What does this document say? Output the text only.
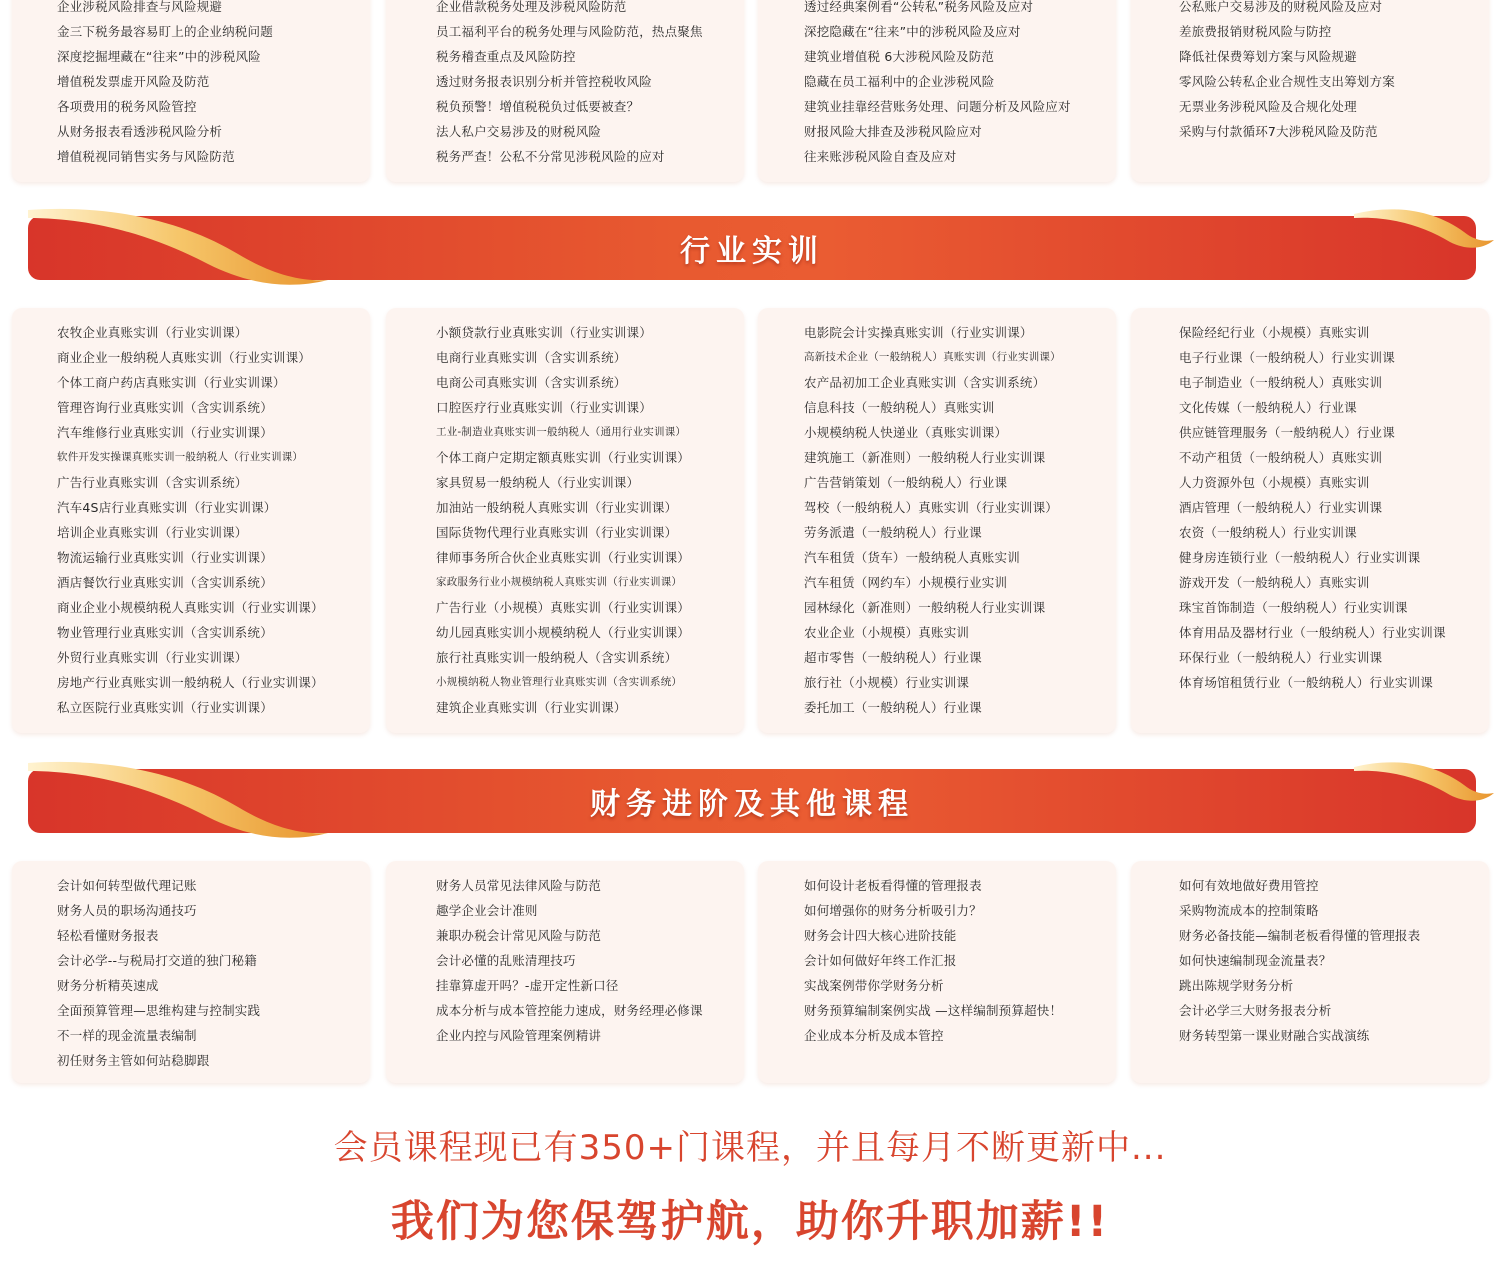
企业涉税风险排查与风险规避
金三下税务最容易盯上的企业纳税问题
深度挖掘埋藏在“往来”中的涉税风险
增值税发票虚开风险及防范
各项费用的税务风险管控
从财务报表看透涉税风险分析
增值税视同销售实务与风险防范
企业借款税务处理及涉税风险防范
员工福利平台的税务处理与风险防范，热点聚焦
税务稽查重点及风险防控
透过财务报表识别分析并管控税收风险
税负预警！增值税税负过低要被查？
法人私户交易涉及的财税风险
税务严查！公私不分常见涉税风险的应对
透过经典案例看“公转私”税务风险及应对
深挖隐藏在“往来”中的涉税风险及应对
建筑业增值税 6大涉税风险及防范
隐藏在员工福利中的企业涉税风险
建筑业挂靠经营账务处理、问题分析及风险应对
财报风险大排查及涉税风险应对
往来账涉税风险自查及应对
公私账户交易涉及的财税风险及应对
差旅费报销财税风险与防控
降低社保费筹划方案与风险规避
零风险公转私企业合规性支出筹划方案
无票业务涉税风险及合规化处理
采购与付款循环7大涉税风险及防范
行业实训
农牧企业真账实训（行业实训课）
商业企业一般纳税人真账实训（行业实训课）
个体工商户药店真账实训（行业实训课）
管理咨询行业真账实训（含实训系统）
汽车维修行业真账实训（行业实训课）
软件开发实操课真账实训一般纳税人（行业实训课）
广告行业真账实训（含实训系统）
汽车4S店行业真账实训（行业实训课）
培训企业真账实训（行业实训课）
物流运输行业真账实训（行业实训课）
酒店餐饮行业真账实训（含实训系统）
商业企业小规模纳税人真账实训（行业实训课）
物业管理行业真账实训（含实训系统）
外贸行业真账实训（行业实训课）
房地产行业真账实训一般纳税人（行业实训课）
私立医院行业真账实训（行业实训课）
小额贷款行业真账实训（行业实训课）
电商行业真账实训（含实训系统）
电商公司真账实训（含实训系统）
口腔医疗行业真账实训（行业实训课）
工业-制造业真账实训一般纳税人（通用行业实训课）
个体工商户定期定额真账实训（行业实训课）
家具贸易一般纳税人（行业实训课）
加油站一般纳税人真账实训（行业实训课）
国际货物代理行业真账实训（行业实训课）
律师事务所合伙企业真账实训（行业实训课）
家政服务行业小规模纳税人真账实训（行业实训课）
广告行业（小规模）真账实训（行业实训课）
幼儿园真账实训小规模纳税人（行业实训课）
旅行社真账实训一般纳税人（含实训系统）
小规模纳税人物业管理行业真账实训（含实训系统）
建筑企业真账实训（行业实训课）
电影院会计实操真账实训（行业实训课）
高新技术企业（一般纳税人）真账实训（行业实训课）
农产品初加工企业真账实训（含实训系统）
信息科技（一般纳税人）真账实训
小规模纳税人快递业（真账实训课）
建筑施工（新准则）一般纳税人行业实训课
广告营销策划（一般纳税人）行业课
驾校（一般纳税人）真账实训（行业实训课）
劳务派遣（一般纳税人）行业课
汽车租赁（货车）一般纳税人真账实训
汽车租赁（网约车）小规模行业实训
园林绿化（新准则）一般纳税人行业实训课
农业企业（小规模）真账实训
超市零售（一般纳税人）行业课
旅行社（小规模）行业实训课
委托加工（一般纳税人）行业课
保险经纪行业（小规模）真账实训
电子行业课（一般纳税人）行业实训课
电子制造业（一般纳税人）真账实训
文化传媒（一般纳税人）行业课
供应链管理服务（一般纳税人）行业课
不动产租赁（一般纳税人）真账实训
人力资源外包（小规模）真账实训
酒店管理（一般纳税人）行业实训课
农资（一般纳税人）行业实训课
健身房连锁行业（一般纳税人）行业实训课
游戏开发（一般纳税人）真账实训
珠宝首饰制造（一般纳税人）行业实训课
体育用品及器材行业（一般纳税人）行业实训课
环保行业（一般纳税人）行业实训课
体育场馆租赁行业（一般纳税人）行业实训课
财务进阶及其他课程
会计如何转型做代理记账
财务人员的职场沟通技巧
轻松看懂财务报表
会计必学--与税局打交道的独门秘籍
财务分析精英速成
全面预算管理—思维构建与控制实践
不一样的现金流量表编制
初任财务主管如何站稳脚跟
财务人员常见法律风险与防范
趣学企业会计准则
兼职办税会计常见风险与防范
会计必懂的乱账清理技巧
挂靠算虚开吗？-虚开定性新口径
成本分析与成本管控能力速成，财务经理必修课
企业内控与风险管理案例精讲
如何设计老板看得懂的管理报表
如何增强你的财务分析吸引力？
财务会计四大核心进阶技能
会计如何做好年终工作汇报
实战案例带你学财务分析
财务预算编制案例实战 —这样编制预算超快！
企业成本分析及成本管控
如何有效地做好费用管控
采购物流成本的控制策略
财务必备技能—编制老板看得懂的管理报表
如何快速编制现金流量表？
跳出陈规学财务分析
会计必学三大财务报表分析
财务转型第一课业财融合实战演练
会员课程现已有350+门课程，并且每月不断更新中...
我们为您保驾护航，助你升职加薪!!
